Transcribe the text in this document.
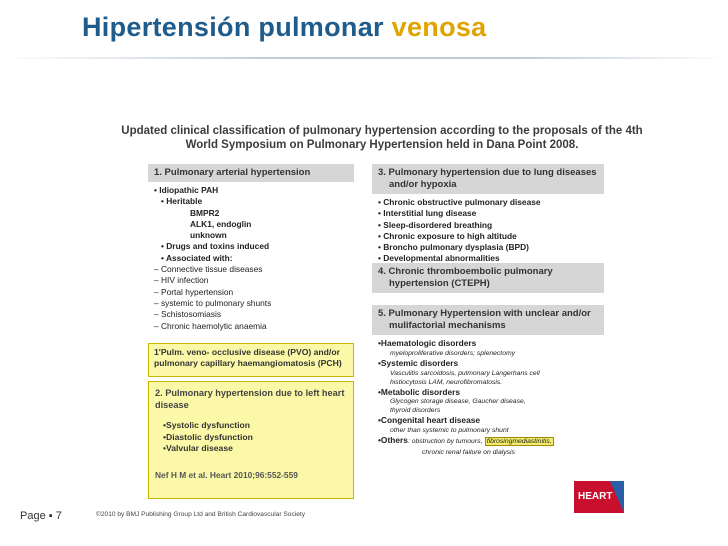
Hipertensión pulmonar venosa
Updated clinical classification of pulmonary hypertension according to the proposals of the 4th
World Symposium on Pulmonary Hypertension held in Dana Point 2008.
1. Pulmonary arterial hypertension
• Idiopathic PAH
• Heritable
BMPR2
ALK1, endoglin
unknown
• Drugs and toxins induced
• Associated with:
– Connective tissue diseases
– HIV infection
– Portal hypertension
– systemic to pulmonary shunts
– Schistosomiasis
– Chronic haemolytic anaemia
1'Pulm. veno- occlusive disease (PVO) and/or
pulmonary capillary haemangiomatosis (PCH)
2. Pulmonary hypertension due to left heart
disease
•Systolic dysfunction
•Diastolic dysfunction
•Valvular disease
Nef H M et al. Heart 2010;96:552-559
3. Pulmonary hypertension due to lung diseases
and/or hypoxia
• Chronic obstructive pulmonary disease
• Interstitial lung disease
• Sleep-disordered breathing
• Chronic exposure to high altitude
• Broncho pulmonary dysplasia (BPD)
• Developmental abnormalities
4. Chronic thromboembolic pulmonary
hypertension (CTEPH)
5. Pulmonary Hypertension with unclear and/or
mulifactorial mechanisms
•Haematologic disorders
myeloproliferative disorders; splenectomy
•Systemic disorders
Vasculitis sarcoidosis, pulmonary Langerhans cell
histiocytosis LAM, neurofibromatosis.
•Metabolic disorders
Glycogen storage disease, Gaucher disease,
thyroid disorders
•Congenital heart disease
other than systemic to pulmonary shunt
•Others: obstruction by tumours, fibrosingmediastinitis,
chronic renal failure on dialysis
Page ▪ 7	©2010 by BMJ Publishing Group Ltd and British Cardiovascular Society
HEART
